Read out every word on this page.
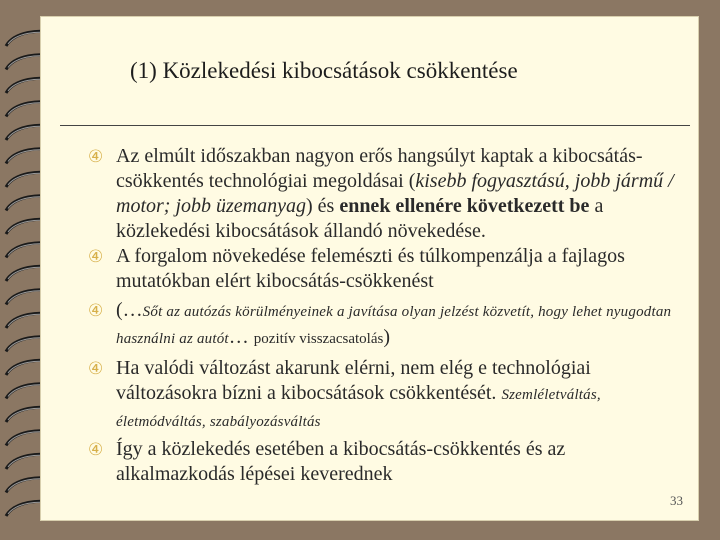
(1) Közlekedési kibocsátások csökkentése
④ Az elmúlt időszakban nagyon erős hangsúlyt kaptak a kibocsátás-csökkentés technológiai megoldásai (kisebb fogyasztású, jobb jármű / motor; jobb üzemanyag) és ennek ellenére következett be a közlekedési kibocsátások állandó növekedése.
④ A forgalom növekedése felemészti és túlkompenzálja a fajlagos mutatókban elért kibocsátás-csökkenést
④ (…Sőt az autózás körülményeinek a javítása olyan jelzést közvetít, hogy lehet nyugodtan használni az autót… pozitív visszacsatolás)
④ Ha valódi változást akarunk elérni, nem elég e technológiai változásokra bízni a kibocsátások csökkentését. Szemléletváltás, életmódváltás, szabályozásváltás
④ Így a közlekedés esetében a kibocsátás-csökkentés és az alkalmazkodás lépései keverednek
33
